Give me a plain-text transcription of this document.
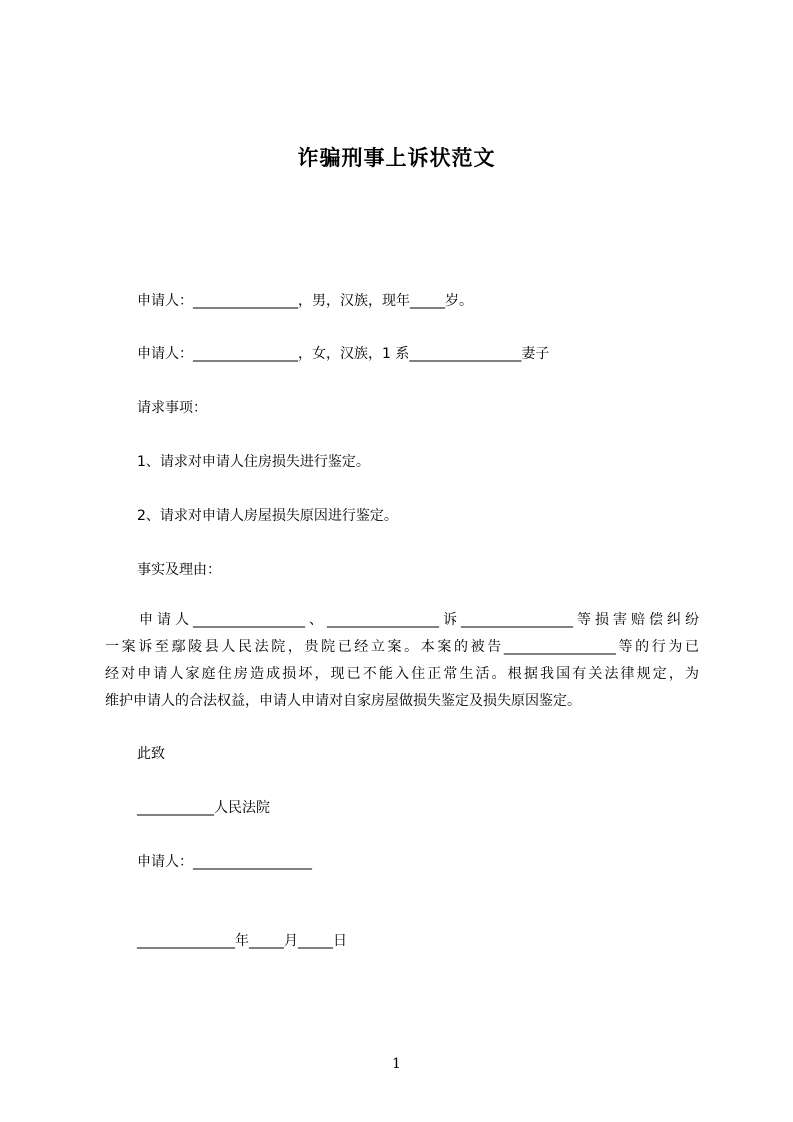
诈骗刑事上诉状范文
申请人：_______________，男，汉族，现年_____岁。
申请人：_______________，女，汉族，1 系________________妻子
请求事项：
1、请求对申请人住房损失进行鉴定。
2、请求对申请人房屋损失原因进行鉴定。
事实及理由：
申请人________________、________________诉________________等损害赔偿纠纷
一案诉至鄢陵县人民法院，贵院已经立案。本案的被告________________等的行为已
经对申请人家庭住房造成损坏，现已不能入住正常生活。根据我国有关法律规定，为
维护申请人的合法权益，申请人申请对自家房屋做损失鉴定及损失原因鉴定。
此致
___________人民法院
申请人：_________________
______________年_____月_____日
1
